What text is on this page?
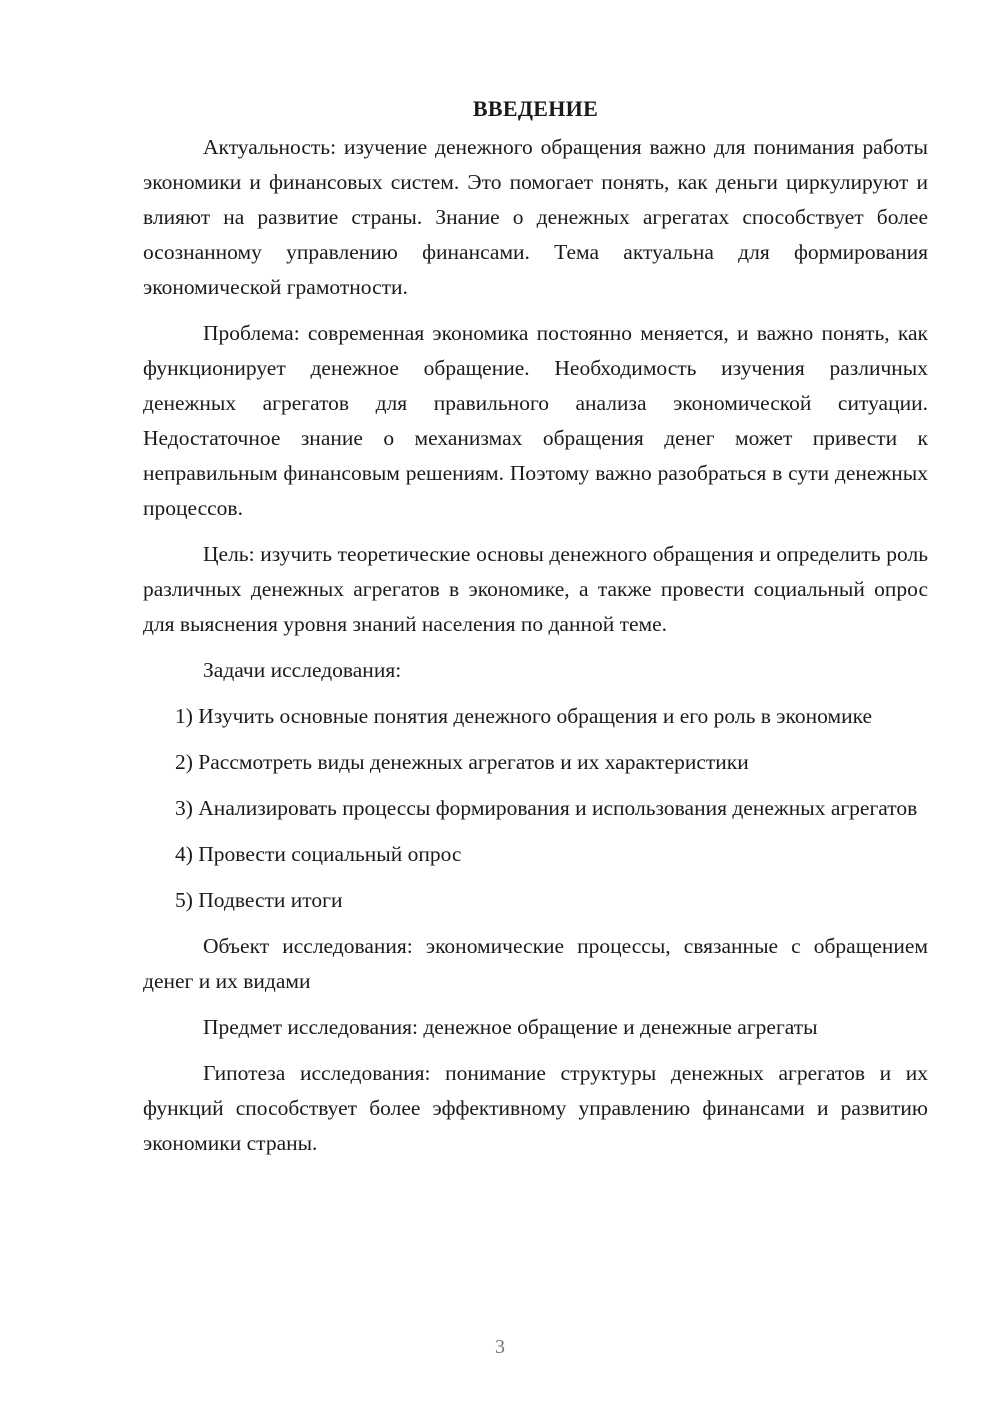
ВВЕДЕНИЕ

Актуальность: изучение денежного обращения важно для понимания работы экономики и финансовых систем. Это помогает понять, как деньги циркулируют и влияют на развитие страны. Знание о денежных агрегатах способствует более осознанному управлению финансами. Тема актуальна для формирования экономической грамотности.

Проблема: современная экономика постоянно меняется, и важно понять, как функционирует денежное обращение. Необходимость изучения различных денежных агрегатов для правильного анализа экономической ситуации. Недостаточное знание о механизмах обращения денег может привести к неправильным финансовым решениям. Поэтому важно разобраться в сути денежных процессов.

Цель: изучить теоретические основы денежного обращения и определить роль различных денежных агрегатов в экономике, а также провести социальный опрос для выяснения уровня знаний населения по данной теме.

Задачи исследования:

1) Изучить основные понятия денежного обращения и его роль в экономике

2) Рассмотреть виды денежных агрегатов и их характеристики

3) Анализировать процессы формирования и использования денежных агрегатов

4) Провести социальный опрос

5) Подвести итоги

Объект исследования: экономические процессы, связанные с обращением денег и их видами

Предмет исследования: денежное обращение и денежные агрегаты

Гипотеза исследования: понимание структуры денежных агрегатов и их функций способствует более эффективному управлению финансами и развитию экономики страны.

3
